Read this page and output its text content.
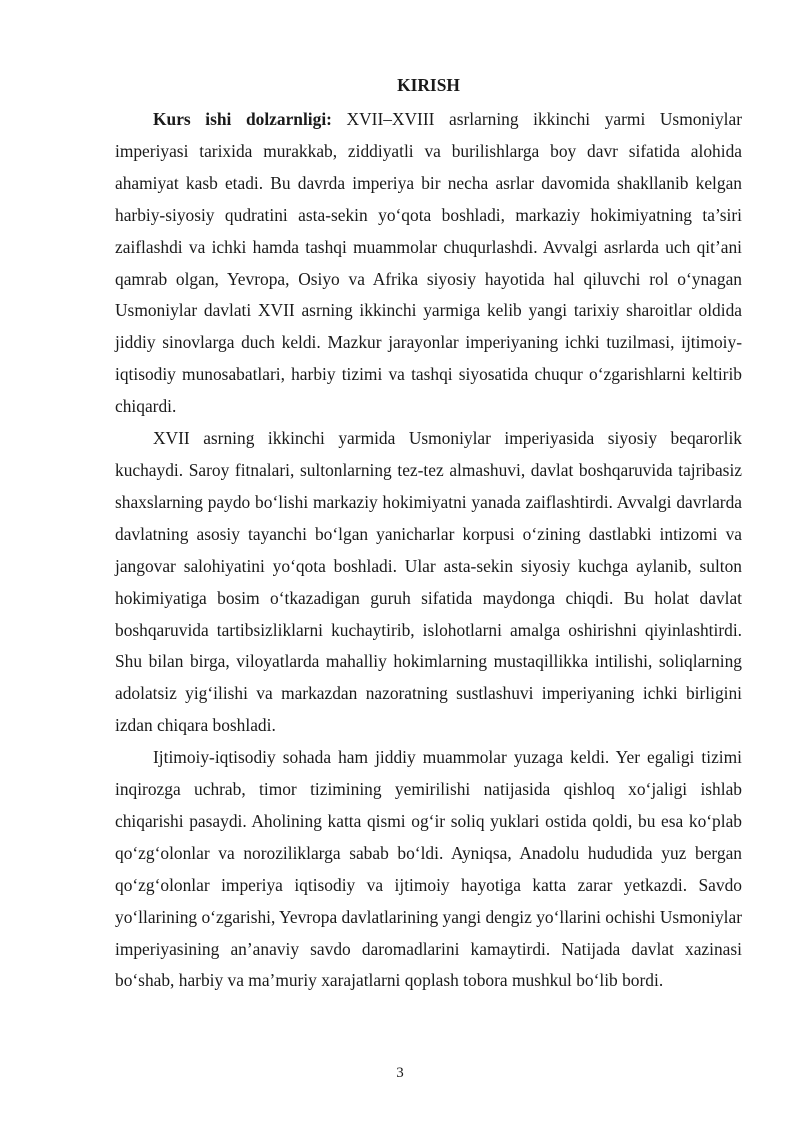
KIRISH

Kurs ishi dolzarnligi: XVII–XVIII asrlarning ikkinchi yarmi Usmoniylar imperiyasi tarixida murakkab, ziddiyatli va burilishlarga boy davr sifatida alohida ahamiyat kasb etadi. Bu davrda imperiya bir necha asrlar davomida shakllanib kelgan harbiy-siyosiy qudratini asta-sekin yo‘qota boshladi, markaziy hokimiyatning ta’siri zaiflashdi va ichki hamda tashqi muammolar chuqurlashdi. Avvalgi asrlarda uch qit’ani qamrab olgan, Yevropa, Osiyo va Afrika siyosiy hayotida hal qiluvchi rol o‘ynagan Usmoniylar davlati XVII asrning ikkinchi yarmiga kelib yangi tarixiy sharoitlar oldida jiddiy sinovlarga duch keldi. Mazkur jarayonlar imperiyaning ichki tuzilmasi, ijtimoiy-iqtisodiy munosabatlari, harbiy tizimi va tashqi siyosatida chuqur o‘zgarishlarni keltirib chiqardi.

XVII asrning ikkinchi yarmida Usmoniylar imperiyasida siyosiy beqarorlik kuchaydi. Saroy fitnalari, sultonlarning tez-tez almashuvi, davlat boshqaruvida tajribasiz shaxslarning paydo bo‘lishi markaziy hokimiyatni yanada zaiflashtirdi. Avvalgi davrlarda davlatning asosiy tayanchi bo‘lgan yanicharlar korpusi o‘zining dastlabki intizomi va jangovar salohiyatini yo‘qota boshladi. Ular asta-sekin siyosiy kuchga aylanib, sulton hokimiyatiga bosim o‘tkazadigan guruh sifatida maydonga chiqdi. Bu holat davlat boshqaruvida tartibsizliklarni kuchaytirib, islohotlarni amalga oshirishni qiyinlashtirdi. Shu bilan birga, viloyatlarda mahalliy hokimlarning mustaqillikka intilishi, soliqlarning adolatsiz yig‘ilishi va markazdan nazoratning sustlashuvi imperiyaning ichki birligini izdan chiqara boshladi.

Ijtimoiy-iqtisodiy sohada ham jiddiy muammolar yuzaga keldi. Yer egaligi tizimi inqirozga uchrab, timor tizimining yemirilishi natijasida qishloq xo‘jaligi ishlab chiqarishi pasaydi. Aholining katta qismi og‘ir soliq yuklari ostida qoldi, bu esa ko‘plab qo‘zg‘olonlar va noroziliklarga sabab bo‘ldi. Ayniqsa, Anadolu hududida yuz bergan qo‘zg‘olonlar imperiya iqtisodiy va ijtimoiy hayotiga katta zarar yetkazdi. Savdo yo‘llarining o‘zgarishi, Yevropa davlatlarining yangi dengiz yo‘llarini ochishi Usmoniylar imperiyasining an’anaviy savdo daromadlarini kamaytirdi. Natijada davlat xazinasi bo‘shab, harbiy va ma’muriy xarajatlarni qoplash tobora mushkul bo‘lib bordi.

3
